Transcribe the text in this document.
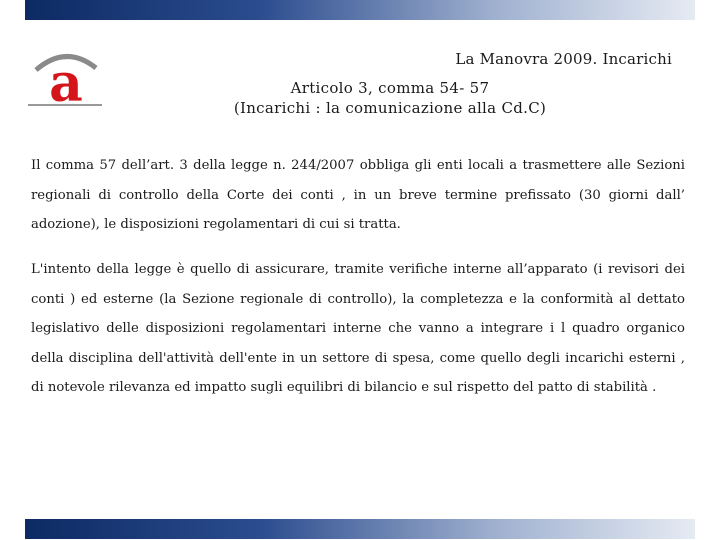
a	La Manovra 2009. Incarichi
Articolo 3, comma 54- 57
(Incarichi : la comunicazione alla Cd.C)
Il comma 57 dell’art. 3 della legge n. 244/2007 obbliga gli enti locali a trasmettere alle Sezioni regionali di controllo della Corte dei conti , in un breve termine prefissato (30 giorni dall’ adozione), le disposizioni regolamentari di cui si tratta.
L'intento della legge è quello di assicurare, tramite verifiche interne all’apparato (i revisori dei conti ) ed esterne (la Sezione regionale di controllo), la completezza e la conformità al dettato legislativo delle disposizioni regolamentari interne che vanno a integrare i l quadro organico della disciplina dell'attività dell'ente in un settore di spesa, come quello degli incarichi esterni , di notevole rilevanza ed impatto sugli equilibri di bilancio e sul rispetto del patto di stabilità .
